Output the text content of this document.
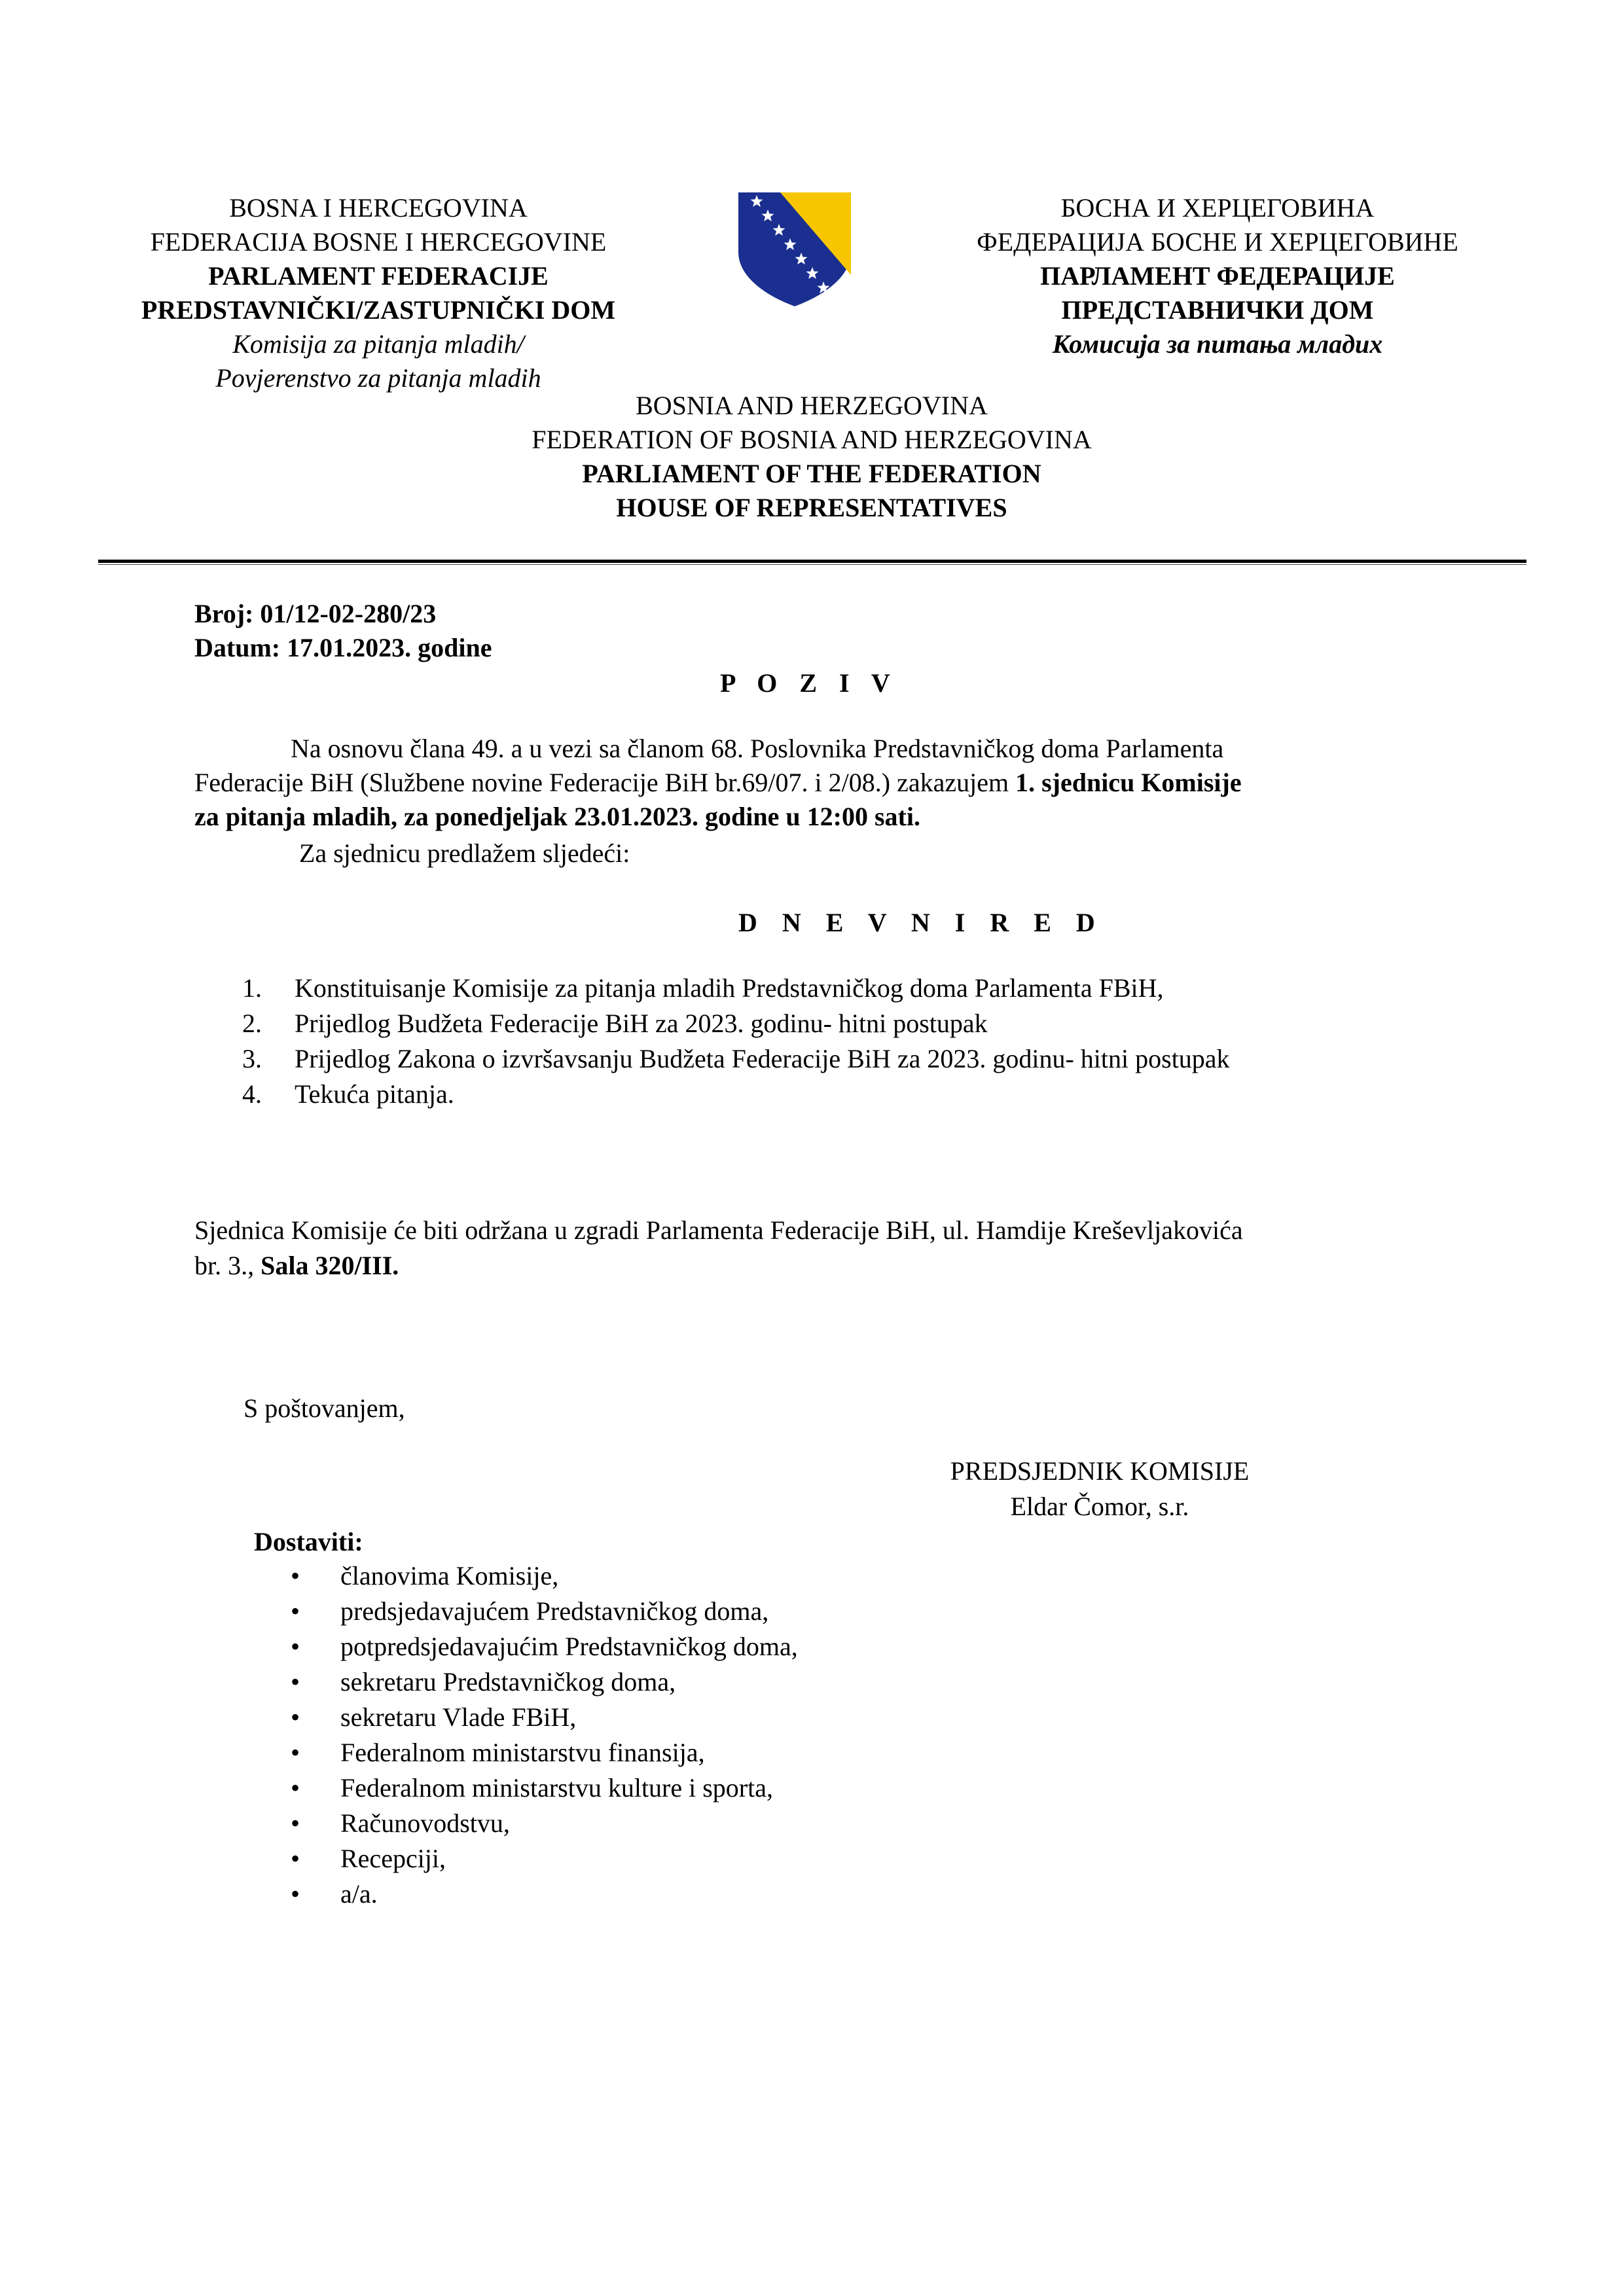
BOSNA I HERCEGOVINA
FEDERACIJA BOSNE I HERCEGOVINE
PARLAMENT FEDERACIJE
PREDSTAVNIČKI/ZASTUPNIČKI DOM
Komisija za pitanja mladih/
Povjerenstvo za pitanja mladih
БОСНА И ХЕРЦЕГОВИНА
ФЕДЕРАЦИЈА БОСНЕ И ХЕРЦЕГОВИНЕ
ПАРЛАМЕНТ ФЕДЕРАЦИЈЕ
ПРЕДСТАВНИЧКИ ДОМ
Комисија за питања младих
BOSNIA AND HERZEGOVINA
FEDERATION OF BOSNIA AND HERZEGOVINA
PARLIAMENT OF THE FEDERATION
HOUSE OF REPRESENTATIVES
Broj: 01/12-02-280/23
Datum: 17.01.2023. godine
P O Z I V
Na osnovu člana 49. a u vezi sa članom 68. Poslovnika Predstavničkog doma Parlamenta
Federacije BiH (Službene novine Federacije BiH br.69/07. i 2/08.) zakazujem 1. sjednicu Komisije
za pitanja mladih, za ponedjeljak 23.01.2023. godine u 12:00 sati.
Za sjednicu predlažem sljedeći:
D N E V N I R E D
1. Konstituisanje Komisije za pitanja mladih Predstavničkog doma Parlamenta FBiH,
2. Prijedlog Budžeta Federacije BiH za 2023. godinu- hitni postupak
3. Prijedlog Zakona o izvršavsanju Budžeta Federacije BiH za 2023. godinu- hitni postupak
4. Tekuća pitanja.
Sjednica Komisije će biti održana u zgradi Parlamenta Federacije BiH, ul. Hamdije Kreševljakovića
br. 3., Sala 320/III.
S poštovanjem,
PREDSJEDNIK KOMISIJE
Eldar Čomor, s.r.
Dostaviti:
• članovima Komisije,
• predsjedavajućem Predstavničkog doma,
• potpredsjedavajućim Predstavničkog doma,
• sekretaru Predstavničkog doma,
• sekretaru Vlade FBiH,
• Federalnom ministarstvu finansija,
• Federalnom ministarstvu kulture i sporta,
• Računovodstvu,
• Recepciji,
• a/a.
